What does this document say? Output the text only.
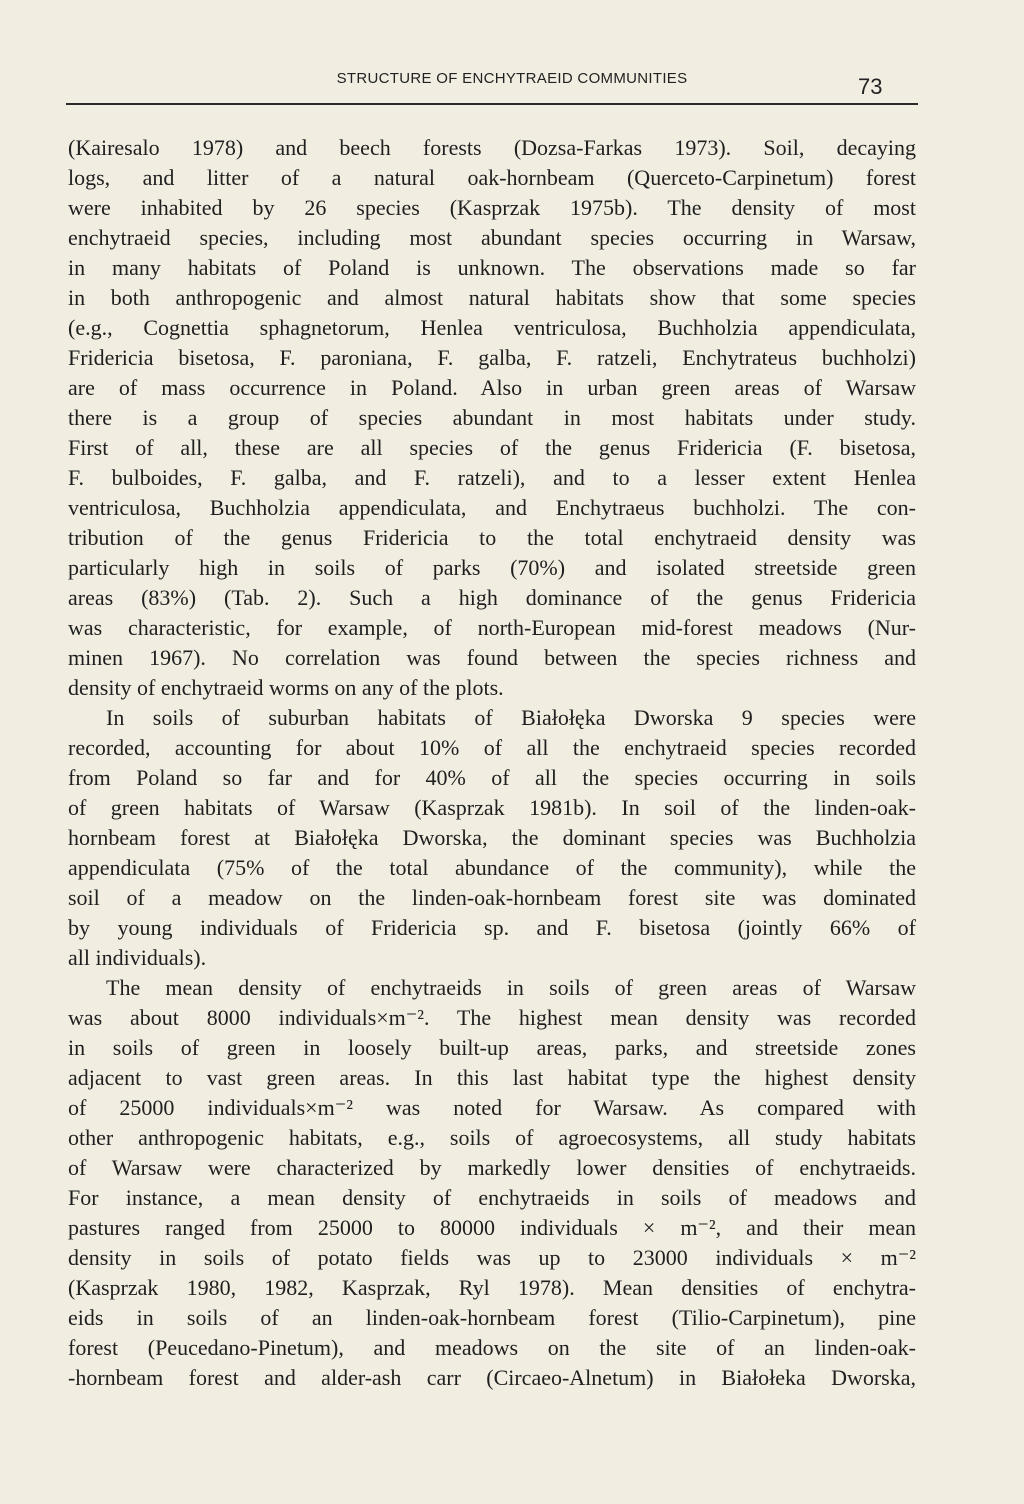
STRUCTURE OF ENCHYTRAEID COMMUNITIES	73
(Kairesalo 1978) and beech forests (Dozsa-Farkas 1973). Soil, decaying
logs, and litter of a natural oak-hornbeam (Querceto-Carpinetum) forest
were inhabited by 26 species (Kasprzak 1975b). The density of most
enchytraeid species, including most abundant species occurring in Warsaw,
in many habitats of Poland is unknown. The observations made so far
in both anthropogenic and almost natural habitats show that some species
(e.g., Cognettia sphagnetorum, Henlea ventriculosa, Buchholzia appendiculata,
Fridericia bisetosa, F. paroniana, F. galba, F. ratzeli, Enchytrateus buchholzi)
are of mass occurrence in Poland. Also in urban green areas of Warsaw
there is a group of species abundant in most habitats under study.
First of all, these are all species of the genus Fridericia (F. bisetosa,
F. bulboides, F. galba, and F. ratzeli), and to a lesser extent Henlea
ventriculosa, Buchholzia appendiculata, and Enchytraeus buchholzi. The con-
tribution of the genus Fridericia to the total enchytraeid density was
particularly high in soils of parks (70%) and isolated streetside green
areas (83%) (Tab. 2). Such a high dominance of the genus Fridericia
was characteristic, for example, of north-European mid-forest meadows (Nur-
minen 1967). No correlation was found between the species richness and
density of enchytraeid worms on any of the plots.
In soils of suburban habitats of Białołęka Dworska 9 species were
recorded, accounting for about 10% of all the enchytraeid species recorded
from Poland so far and for 40% of all the species occurring in soils
of green habitats of Warsaw (Kasprzak 1981b). In soil of the linden-oak-
hornbeam forest at Białołęka Dworska, the dominant species was Buchholzia
appendiculata (75% of the total abundance of the community), while the
soil of a meadow on the linden-oak-hornbeam forest site was dominated
by young individuals of Fridericia sp. and F. bisetosa (jointly 66% of
all individuals).
The mean density of enchytraeids in soils of green areas of Warsaw
was about 8000 individuals×m⁻². The highest mean density was recorded
in soils of green in loosely built-up areas, parks, and streetside zones
adjacent to vast green areas. In this last habitat type the highest density
of 25000 individuals×m⁻² was noted for Warsaw. As compared with
other anthropogenic habitats, e.g., soils of agroecosystems, all study habitats
of Warsaw were characterized by markedly lower densities of enchytraeids.
For instance, a mean density of enchytraeids in soils of meadows and
pastures ranged from 25000 to 80000 individuals × m⁻², and their mean
density in soils of potato fields was up to 23000 individuals × m⁻²
(Kasprzak 1980, 1982, Kasprzak, Ryl 1978). Mean densities of enchytra-
eids in soils of an linden-oak-hornbeam forest (Tilio-Carpinetum), pine
forest (Peucedano-Pinetum), and meadows on the site of an linden-oak-
-hornbeam forest and alder-ash carr (Circaeo-Alnetum) in Białołeka Dworska,
